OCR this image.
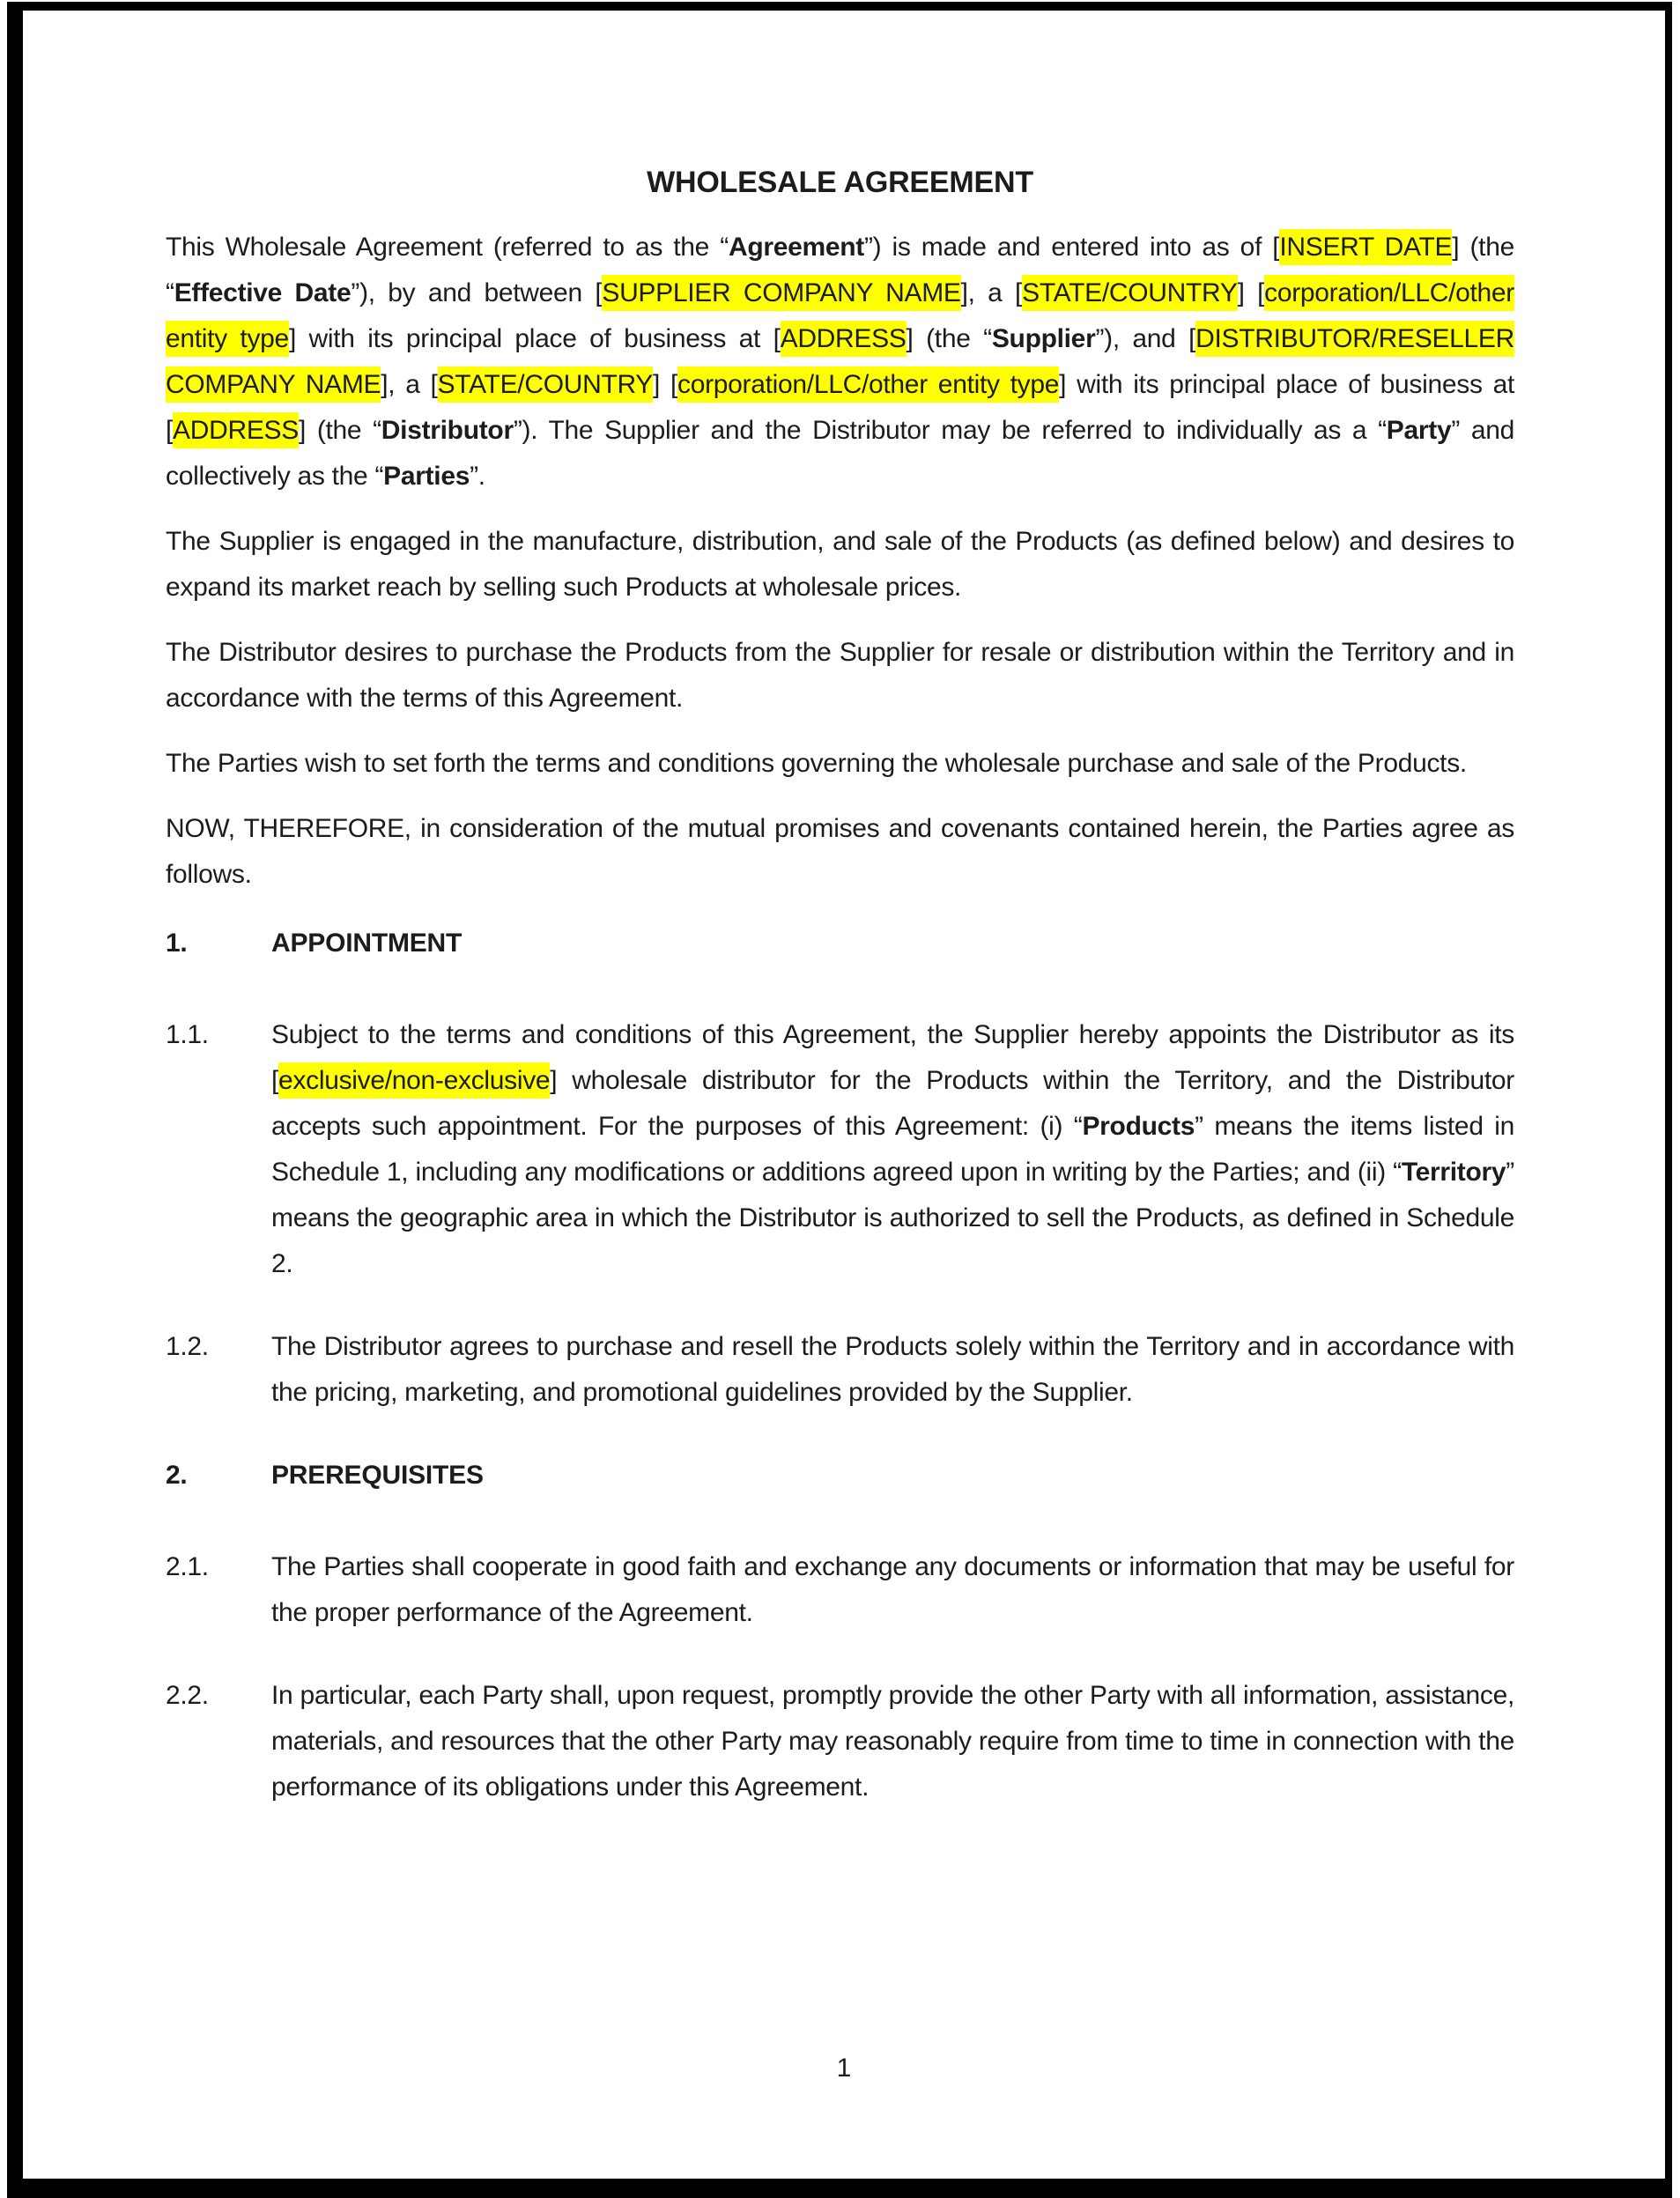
WHOLESALE AGREEMENT

This Wholesale Agreement (referred to as the “Agreement”) is made and entered into as of [INSERT DATE] (the “Effective Date”), by and between [SUPPLIER COMPANY NAME], a [STATE/COUNTRY] [corporation/LLC/other entity type] with its principal place of business at [ADDRESS] (the “Supplier”), and [DISTRIBUTOR/RESELLER COMPANY NAME], a [STATE/COUNTRY] [corporation/LLC/other entity type] with its principal place of business at [ADDRESS] (the “Distributor”). The Supplier and the Distributor may be referred to individually as a “Party” and collectively as the “Parties”.

The Supplier is engaged in the manufacture, distribution, and sale of the Products (as defined below) and desires to expand its market reach by selling such Products at wholesale prices.

The Distributor desires to purchase the Products from the Supplier for resale or distribution within the Territory and in accordance with the terms of this Agreement.

The Parties wish to set forth the terms and conditions governing the wholesale purchase and sale of the Products.

NOW, THEREFORE, in consideration of the mutual promises and covenants contained herein, the Parties agree as follows.

1.	APPOINTMENT
1.1. Subject to the terms and conditions of this Agreement, the Supplier hereby appoints the Distributor as its [exclusive/non-exclusive] wholesale distributor for the Products within the Territory, and the Distributor accepts such appointment. For the purposes of this Agreement: (i) “Products” means the items listed in Schedule 1, including any modifications or additions agreed upon in writing by the Parties; and (ii) “Territory” means the geographic area in which the Distributor is authorized to sell the Products, as defined in Schedule 2.

1.2. The Distributor agrees to purchase and resell the Products solely within the Territory and in accordance with the pricing, marketing, and promotional guidelines provided by the Supplier.

2.	PREREQUISITES
2.1. The Parties shall cooperate in good faith and exchange any documents or information that may be useful for the proper performance of the Agreement.

2.2. In particular, each Party shall, upon request, promptly provide the other Party with all information, assistance, materials, and resources that the other Party may reasonably require from time to time in connection with the performance of its obligations under this Agreement.

1
